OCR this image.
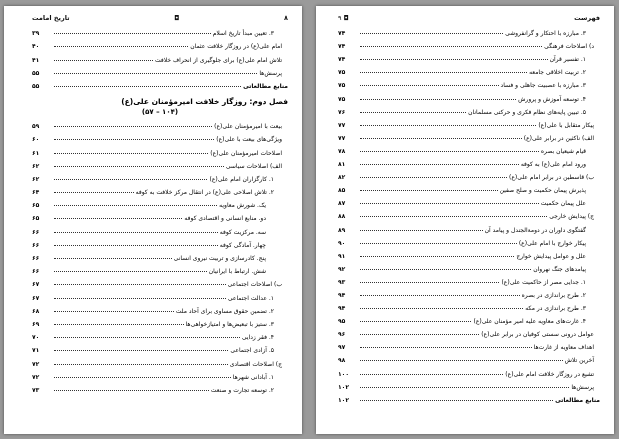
۸
◘
تاریخ امامت
۳. تعیین مبدأ تاریخ اسلام
۳۹
امام علی(ع) در روزگار خلافت عثمان
۴۰
تلاش امام علی(ع) برای جلوگیری از انحراف خلافت
۴۱
پرسش‌ها
۵۵
منابع مطالعاتی
۵۵
فصل دوم: روزگار خلافت امیرمؤمنان علی(ع)
(۱۰۴ – ۵۷)
بیعت با امیرمؤمنان علی(ع)
۵۹
ویژگی‌های بیعت با علی(ع)
۶۰
اصلاحات امیرمؤمنان علی(ع)
۶۱
الف) اصلاحات سیاسی
۶۲
۱. کارگزاران امام علی(ع)
۶۲
۲. تلاش اصلاحی علی(ع) در انتقال مرکز خلافت به کوفه
۶۴
یک. شورش معاویه
۶۵
دو. منابع انسانی و اقتصادی کوفه
۶۵
سه. مرکزیت کوفه
۶۶
چهار. آمادگی کوفه
۶۶
پنج. کادرسازی و تربیت نیروی انسانی
۶۶
شش. ارتباط با ایرانیان
۶۶
ب) اصلاحات اجتماعی
۶۷
۱. عدالت اجتماعی
۶۷
۲. تضمین حقوق مساوی برای آحاد ملت
۶۸
۳. ستیز با تبعیض‌ها و امتیازخواهی‌ها
۶۹
۴. فقر زدایی
۷۰
۵. آزادی اجتماعی
۷۱
ج) اصلاحات اقتصادی
۷۲
۱. آبادانی شهرها
۷۲
۲. توسعه تجارت و صنعت
۷۳
فهرست
◘ ۹
۳. مبارزه با احتکار و گرانفروشی
۷۴
د) اصلاحات فرهنگی
۷۴
۱. تفسیر قرآن
۷۴
۲. تربیت اخلاقی جامعه
۷۵
۳. مبارزه با عصبیت جاهلی و فساد
۷۵
۴. توسعه آموزش و پرورش
۷۵
۵. تبیین پایه‌های نظام فکری و حرکتی مسلمانان
۷۶
پیکار متقابل با علی(ع)
۷۷
الف) ناکثین در برابر علی(ع)
۷۷
قیام شیعیان بصره
۷۸
ورود امام علی(ع) به کوفه
۸۱
ب) قاسطین در برابر امام علی(ع)
۸۲
پذیرش پیمان حکمیت و صلح صفین
۸۵
علل پیمان حکمیت
۸۷
ج) پیدایش خارجی
۸۸
گفتگوی داوران در دومة‌الجندل و پیامد آن
۸۹
پیکار خوارج با امام علی(ع)
۹۰
علل و عوامل پیدایش خوارج
۹۱
پیامدهای جنگ نهروان
۹۲
۱. جدایی مصر از حاکمیت علی(ع)
۹۳
۲. طرح براندازی در بصره
۹۴
۳. طرح براندازی در مکه
۹۴
۴. غارت‌های معاویه علیه امیر مؤمنان علی(ع)
۹۵
عوامل درونی سستی کوفیان در برابر علی(ع)
۹۶
اهداف معاویه از غارت‌ها
۹۷
آخرین تلاش
۹۸
تشیع در روزگار خلافت امام علی(ع)
۱۰۰
پرسش‌ها
۱۰۲
منابع مطالعاتی
۱۰۲
